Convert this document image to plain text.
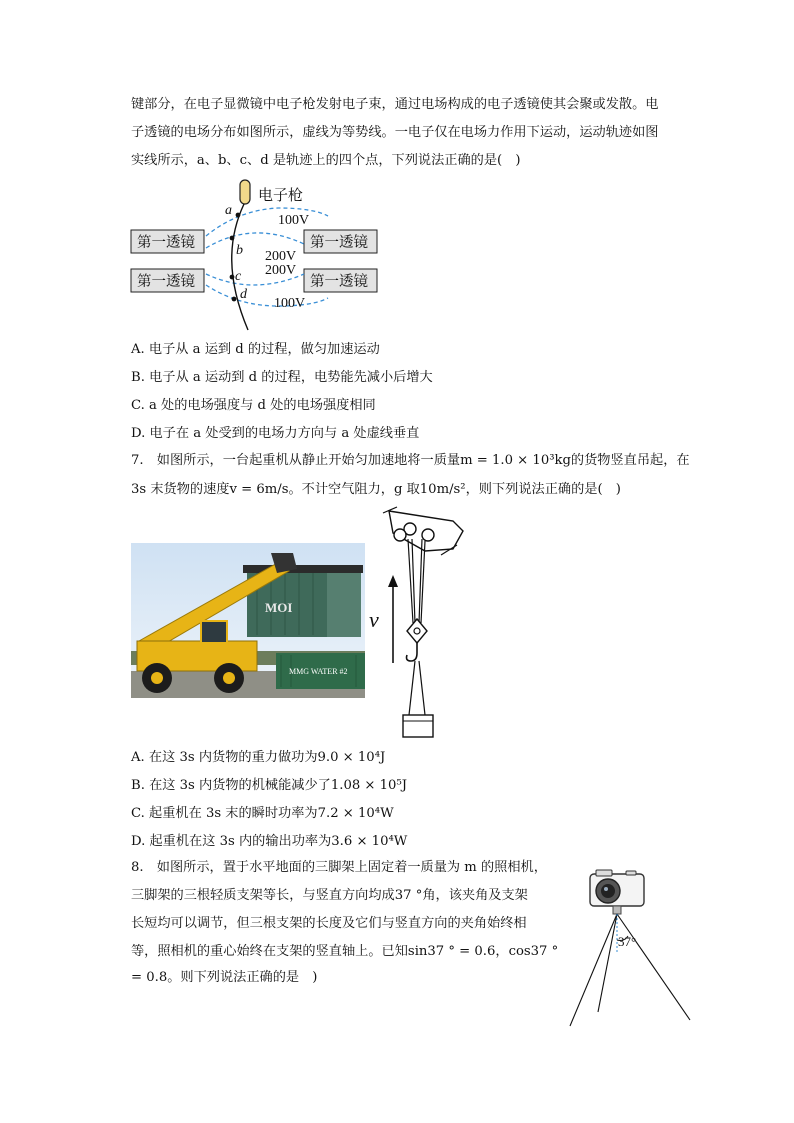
键部分，在电子显微镜中电子枪发射电子束，通过电场构成的电子透镜使其会聚或发散。电
子透镜的电场分布如图所示，虚线为等势线。一电子仅在电场力作用下运动，运动轨迹如图
实线所示，a、b、c、d 是轨迹上的四个点，下列说法正确的是(　)
电子枪
第一透镜	第一透镜
第一透镜	第一透镜
a
b
c
d
100V
200V
200V
100V
A. 电子从 a 运到 d 的过程，做匀加速运动
B. 电子从 a 运动到 d 的过程，电势能先减小后增大
C. a 处的电场强度与 d 处的电场强度相同
D. 电子在 a 处受到的电场力方向与 a 处虚线垂直
7.　如图所示，一台起重机从静止开始匀加速地将一质量m = 1.0 × 10³kg的货物竖直吊起，在
3s 末货物的速度v = 6m/s。不计空气阻力，g 取10m/s²，则下列说法正确的是(　)
MMG WATER #2
MOI	v
A. 在这 3s 内货物的重力做功为9.0 × 10⁴J
B. 在这 3s 内货物的机械能减少了1.08 × 10⁵J
C. 起重机在 3s 末的瞬时功率为7.2 × 10⁴W
D. 起重机在这 3s 内的输出功率为3.6 × 10⁴W
8.　如图所示，置于水平地面的三脚架上固定着一质量为 m 的照相机，
三脚架的三根轻质支架等长，与竖直方向均成37 °角，该夹角及支架
长短均可以调节，但三根支架的长度及它们与竖直方向的夹角始终相
等，照相机的重心始终在支架的竖直轴上。已知sin37 ° = 0.6，cos37 °
= 0.8。则下列说法正确的是　)
37°
